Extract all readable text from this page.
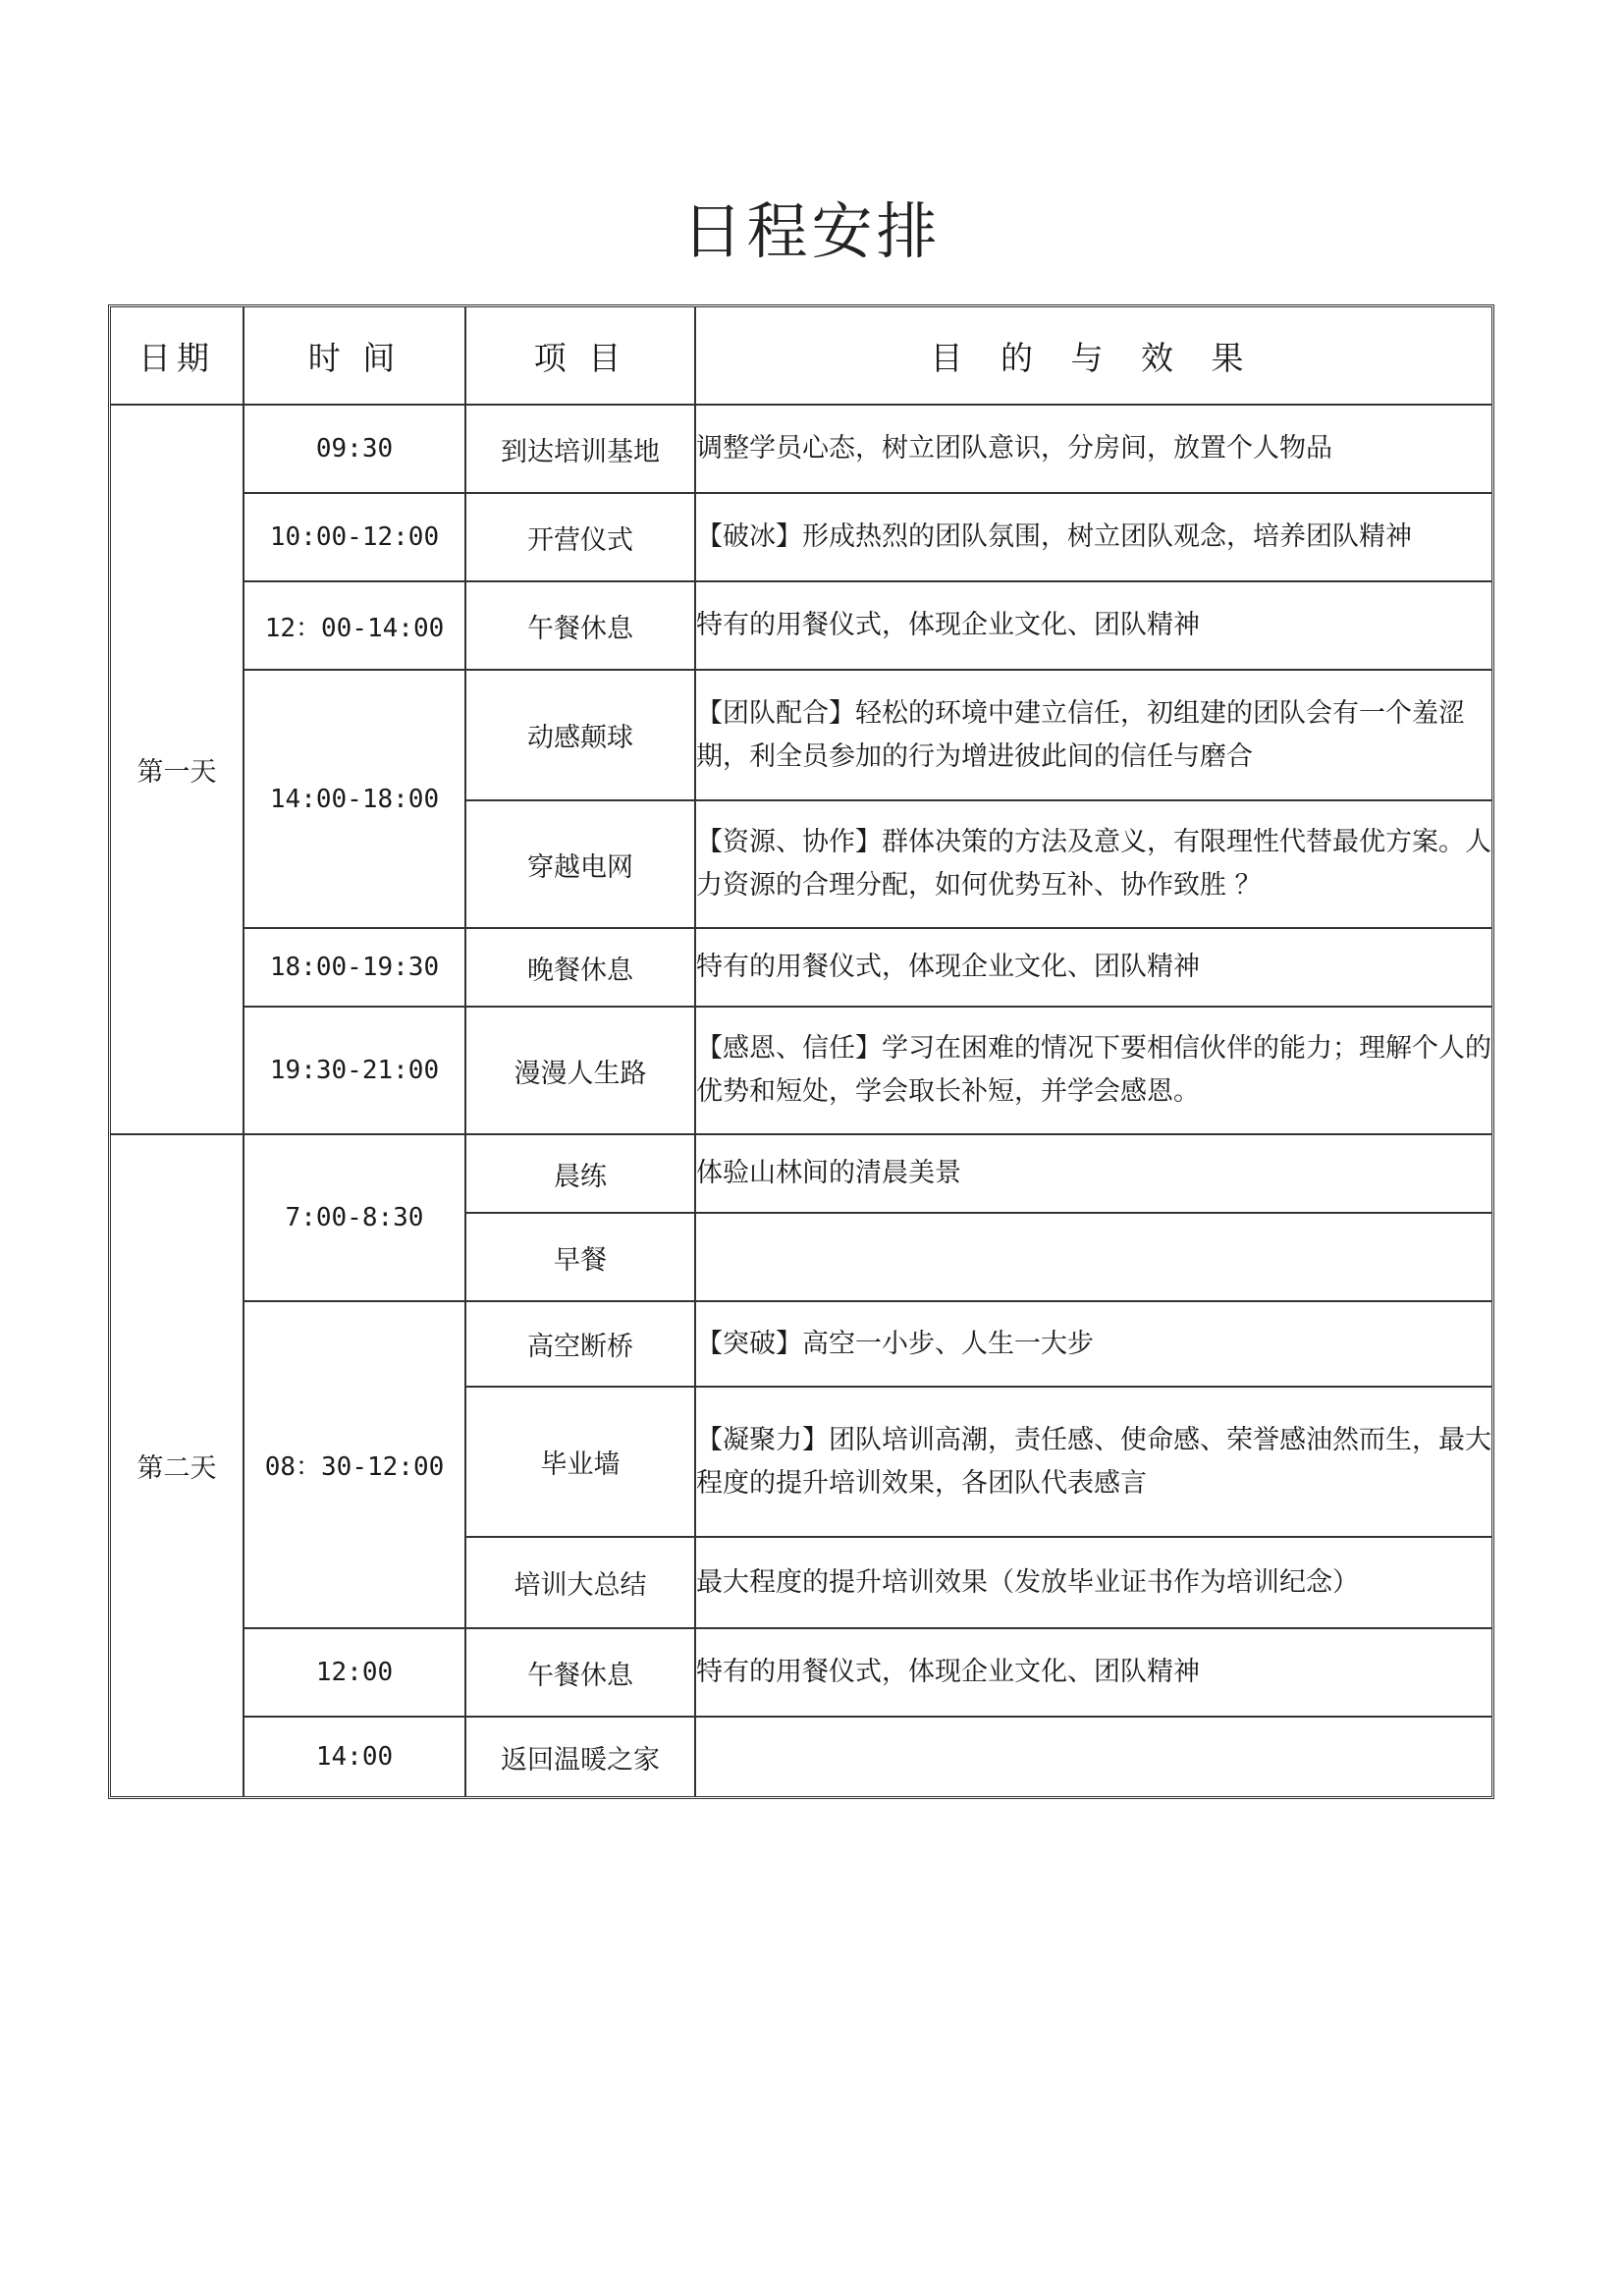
日程安排
日期	时 间	项 目	目 的 与 效 果
第一天	09:30	到达培训基地	调整学员心态，树立团队意识，分房间，放置个人物品
	10:00-12:00	开营仪式	【破冰】形成热烈的团队氛围，树立团队观念，培养团队精神
	12：00-14:00	午餐休息	特有的用餐仪式，体现企业文化、团队精神
	14:00-18:00	动感颠球	【团队配合】轻松的环境中建立信任，初组建的团队会有一个羞涩期，利全员参加的行为增进彼此间的信任与磨合
		穿越电网	【资源、协作】群体决策的方法及意义，有限理性代替最优方案。人力资源的合理分配，如何优势互补、协作致胜 ？
	18:00-19:30	晚餐休息	特有的用餐仪式，体现企业文化、团队精神
	19:30-21:00	漫漫人生路	【感恩、信任】学习在困难的情况下要相信伙伴的能力；理解个人的优势和短处，学会取长补短，并学会感恩。
第二天	7:00-8:30	晨练	体验山林间的清晨美景
		早餐	
	08：30-12:00	高空断桥	【突破】高空一小步、人生一大步
		毕业墙	【凝聚力】团队培训高潮，责任感、使命感、荣誉感油然而生，最大程度的提升培训效果，各团队代表感言
		培训大总结	最大程度的提升培训效果（发放毕业证书作为培训纪念）
	12:00	午餐休息	特有的用餐仪式，体现企业文化、团队精神
	14:00	返回温暖之家	
